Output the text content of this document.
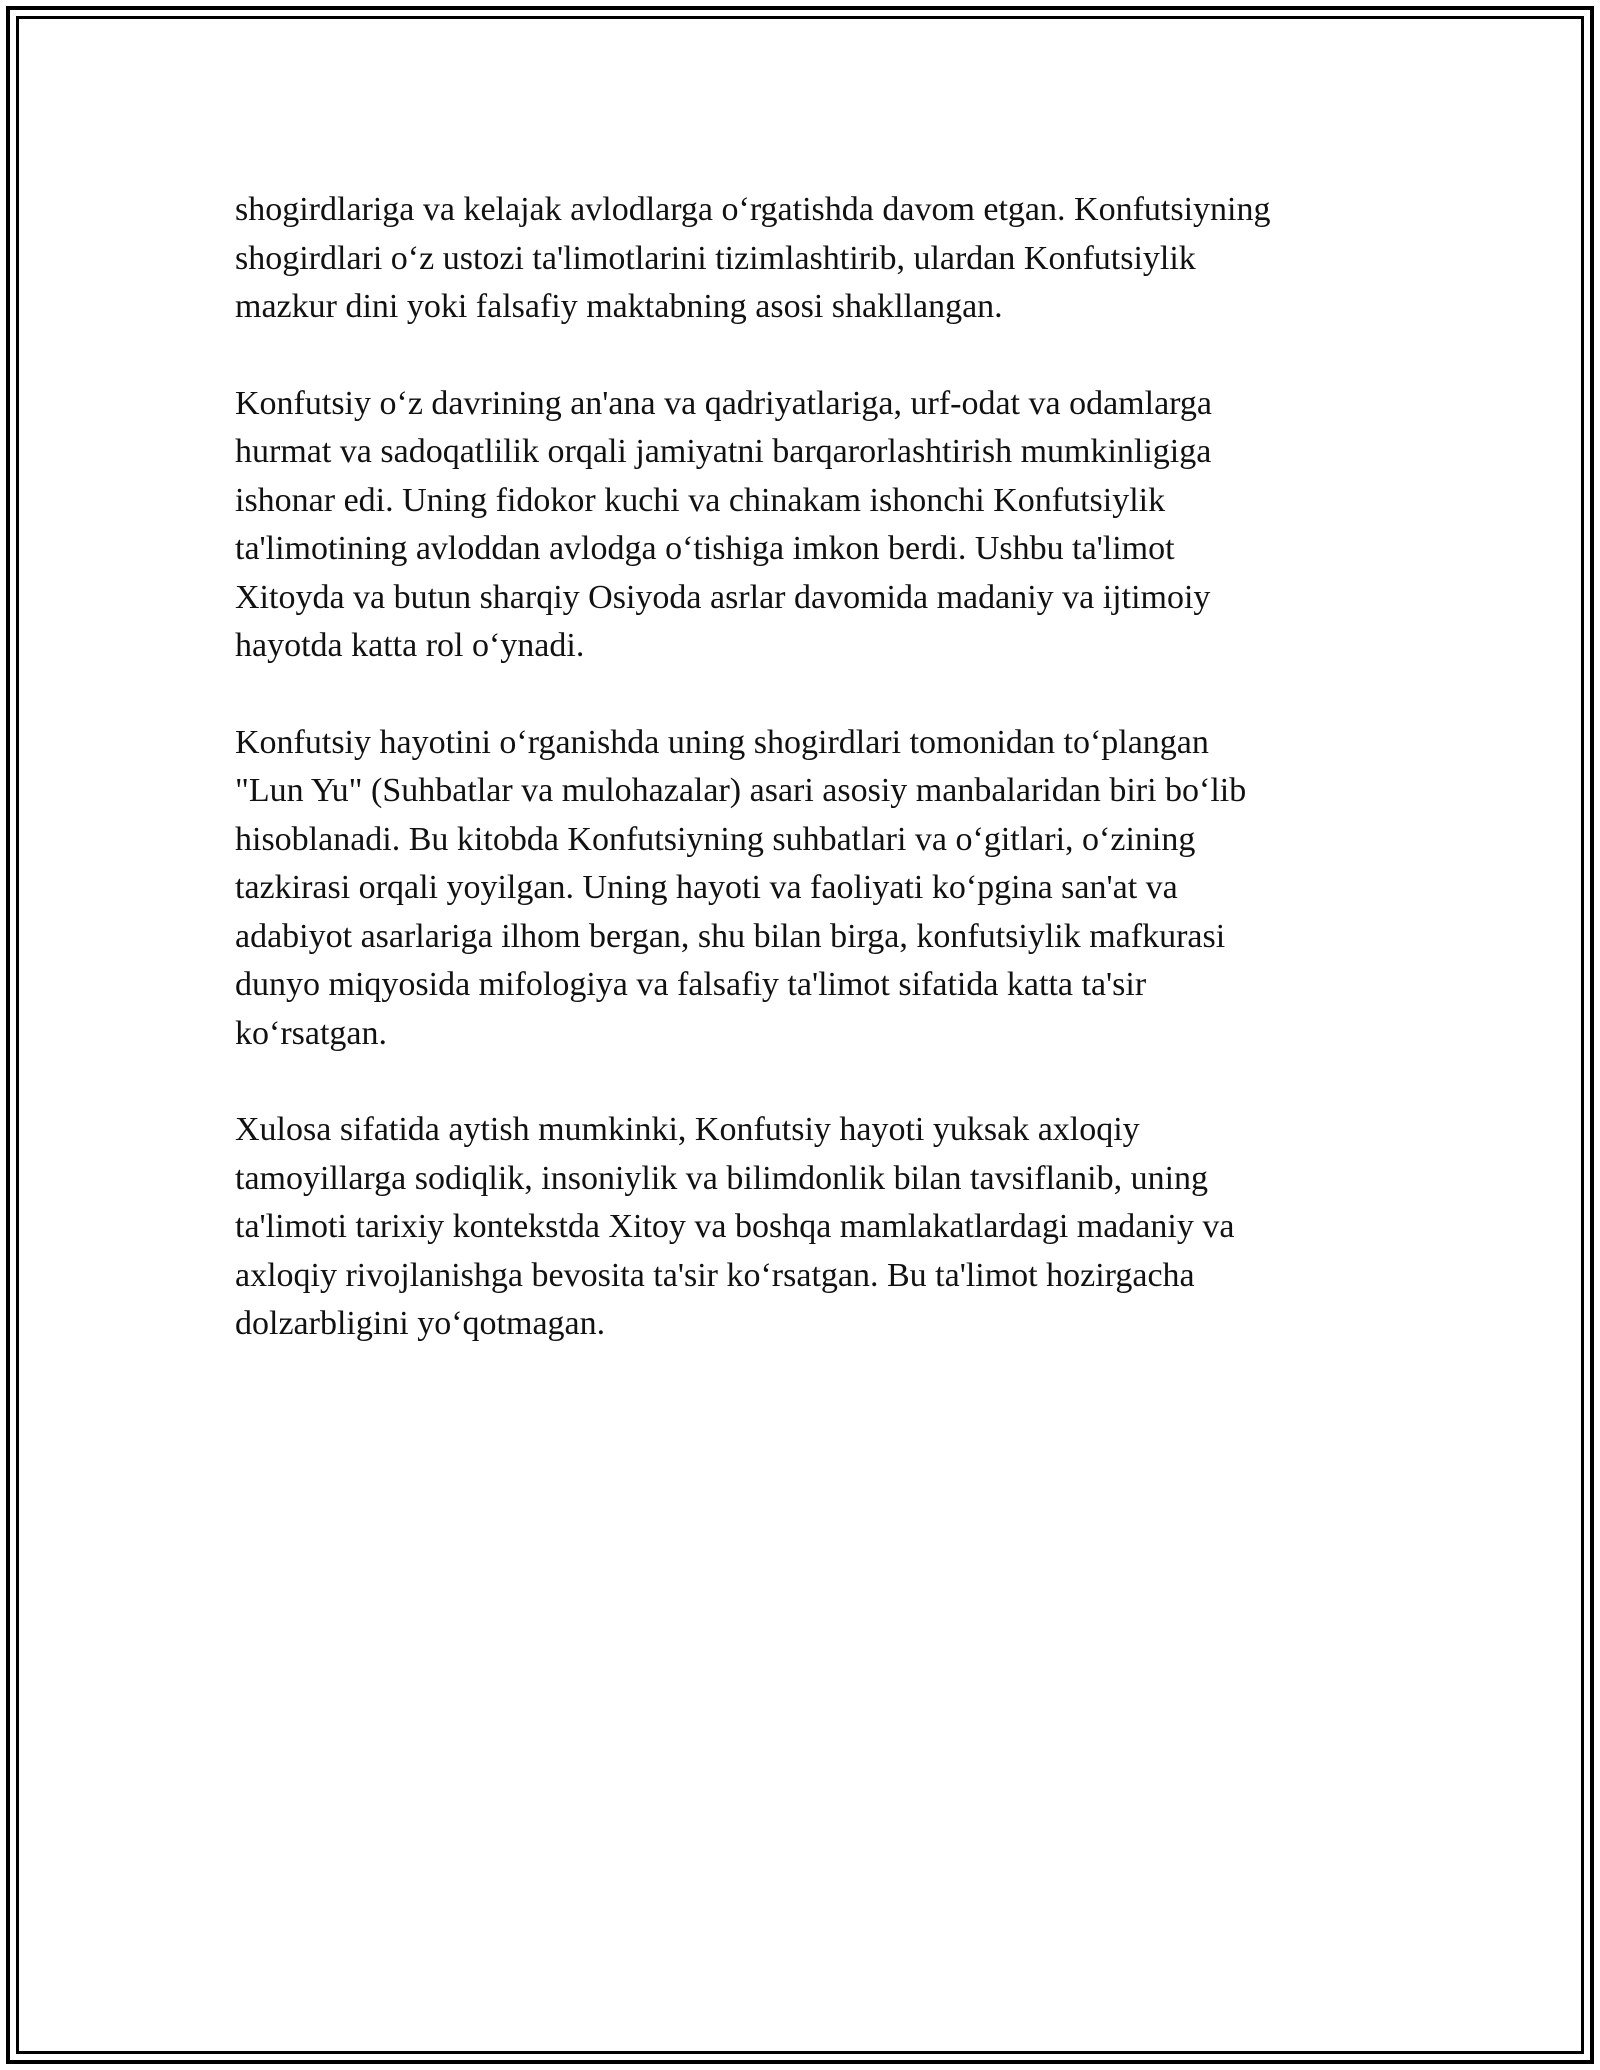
shogirdlariga va kelajak avlodlarga o‘rgatishda davom etgan. Konfutsiyning
shogirdlari o‘z ustozi ta'limotlarini tizimlashtirib, ulardan Konfutsiylik
mazkur dini yoki falsafiy maktabning asosi shakllangan.

Konfutsiy o‘z davrining an'ana va qadriyatlariga, urf-odat va odamlarga
hurmat va sadoqatlilik orqali jamiyatni barqarorlashtirish mumkinligiga
ishonar edi. Uning fidokor kuchi va chinakam ishonchi Konfutsiylik
ta'limotining avloddan avlodga o‘tishiga imkon berdi. Ushbu ta'limot
Xitoyda va butun sharqiy Osiyoda asrlar davomida madaniy va ijtimoiy
hayotda katta rol o‘ynadi.

Konfutsiy hayotini o‘rganishda uning shogirdlari tomonidan to‘plangan
"Lun Yu" (Suhbatlar va mulohazalar) asari asosiy manbalaridan biri bo‘lib
hisoblanadi. Bu kitobda Konfutsiyning suhbatlari va o‘gitlari, o‘zining
tazkirasi orqali yoyilgan. Uning hayoti va faoliyati ko‘pgina san'at va
adabiyot asarlariga ilhom bergan, shu bilan birga, konfutsiylik mafkurasi
dunyo miqyosida mifologiya va falsafiy ta'limot sifatida katta ta'sir
ko‘rsatgan.

Xulosa sifatida aytish mumkinki, Konfutsiy hayoti yuksak axloqiy
tamoyillarga sodiqlik, insoniylik va bilimdonlik bilan tavsiflanib, uning
ta'limoti tarixiy kontekstda Xitoy va boshqa mamlakatlardagi madaniy va
axloqiy rivojlanishga bevosita ta'sir ko‘rsatgan. Bu ta'limot hozirgacha
dolzarbligini yo‘qotmagan.
